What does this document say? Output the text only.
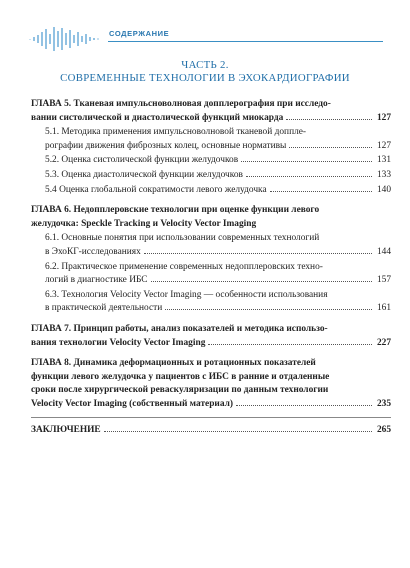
СОДЕРЖАНИЕ
ЧАСТЬ 2.
СОВРЕМЕННЫЕ ТЕХНОЛОГИИ В ЭХОКАРДИОГРАФИИ
ГЛАВА 5. Тканевая импульсноволновая допплерография при исследо-
вании систолической и диастолической функций миокарда	127
5.1. Методика применения импульсноволновой тканевой доппле-
рографии движения фиброзных колец, основные нормативы	127
5.2. Оценка систолической функции желудочков	131
5.3. Оценка диастолической функции желудочков	133
5.4 Оценка глобальной сократимости левого желудочка	140
ГЛАВА 6. Недопплеровские технологии при оценке функции левого
желудочка: Speckle Tracking и Velocity Vector Imaging
6.1. Основные понятия при использовании современных технологий
в ЭхоКГ-исследованиях	144
6.2. Практическое применение современных недопплеровских техно-
логий в диагностике ИБС	157
6.3. Технология Velocity Vector Imaging — особенности использования
в практической деятельности	161
ГЛАВА 7. Принцип работы, анализ показателей и методика использо-
вания технологии Velocity Vector Imaging	227
ГЛАВА 8. Динамика деформационных и ротационных показателей
функции левого желудочка у пациентов с ИБС в ранние и отдаленные
сроки после хирургической реваскуляризации по данным технологии
Velocity Vector Imaging (собственный материал)	235
ЗАКЛЮЧЕНИЕ	265
